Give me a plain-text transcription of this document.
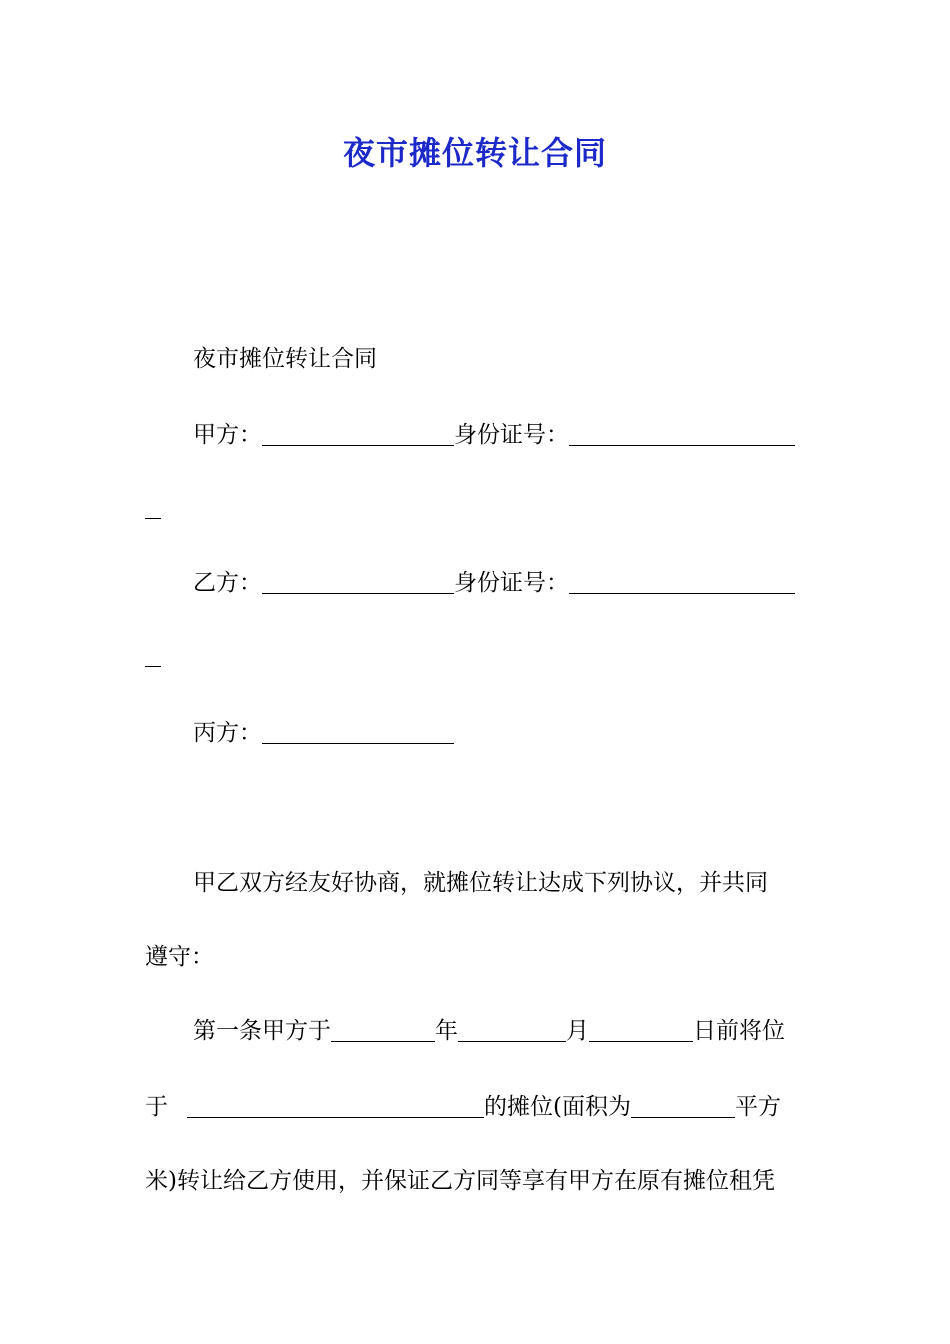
夜市摊位转让合同
夜市摊位转让合同
甲方：	身份证号：
乙方：	身份证号：
丙方：
甲乙双方经友好协商，就摊位转让达成下列协议，并共同
遵守：
第一条甲方于	年	月	日前将位
于	的摊位(面积为	平方
米)转让给乙方使用，并保证乙方同等享有甲方在原有摊位租凭
